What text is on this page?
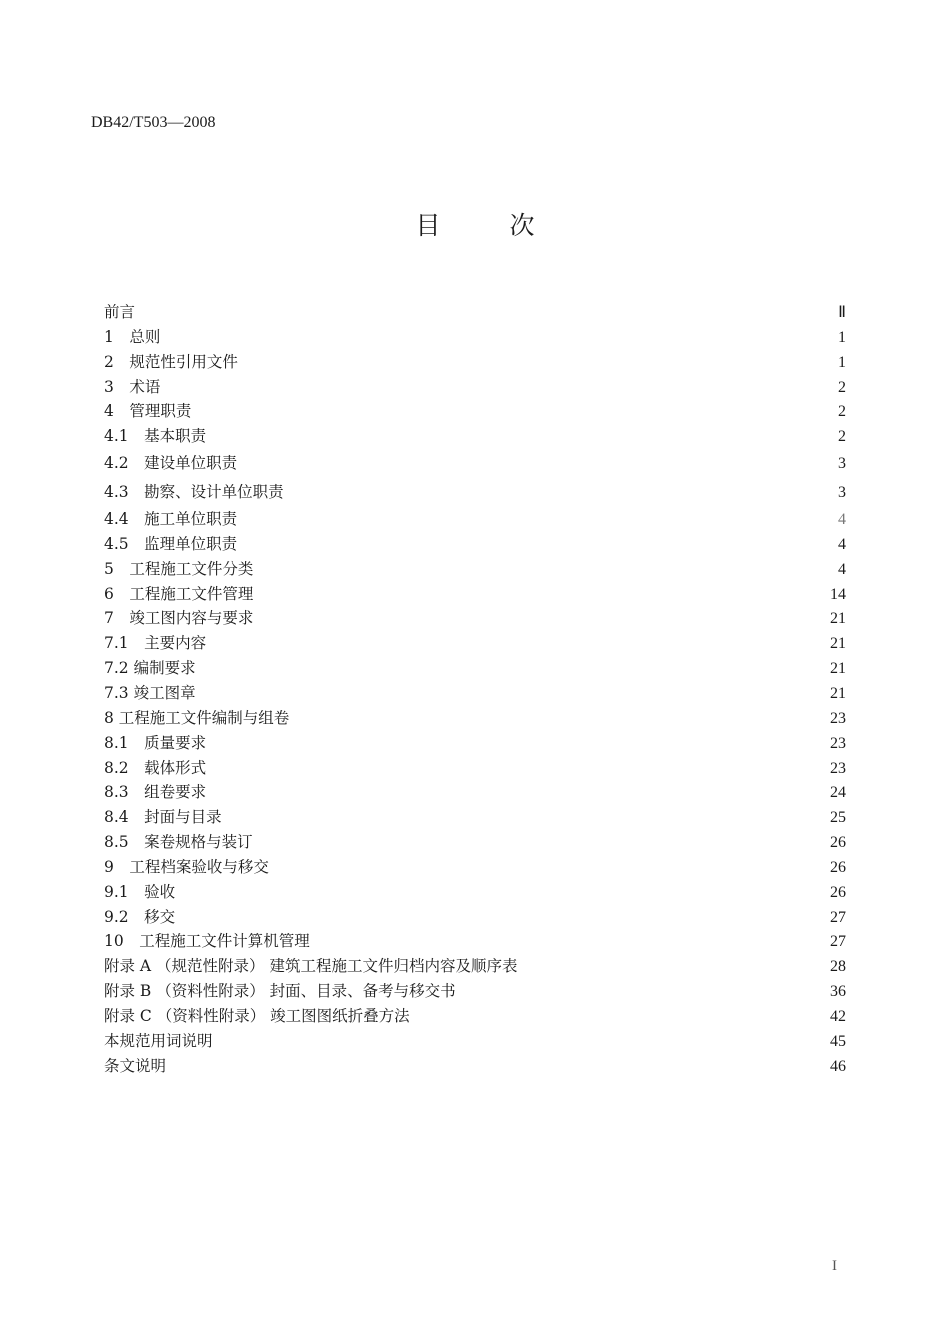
DB42/T503—2008
目　次
前言	Ⅱ
1　总则	1
2　规范性引用文件	1
3　术语	2
4　管理职责	2
4.1　基本职责	2
4.2　建设单位职责	3
4.3　勘察、设计单位职责	3
4.4　施工单位职责	4
4.5　监理单位职责	4
5　工程施工文件分类	4
6　工程施工文件管理	14
7　竣工图内容与要求	21
7.1　主要内容	21
7.2 编制要求	21
7.3 竣工图章	21
8 工程施工文件编制与组卷	23
8.1　质量要求	23
8.2　载体形式	23
8.3　组卷要求	24
8.4　封面与目录	25
8.5　案卷规格与装订	26
9　工程档案验收与移交	26
9.1　验收	26
9.2　移交	27
10　工程施工文件计算机管理	27
附录 A （规范性附录） 建筑工程施工文件归档内容及顺序表	28
附录 B （资料性附录） 封面、目录、备考与移交书	36
附录 C （资料性附录） 竣工图图纸折叠方法	42
本规范用词说明	45
条文说明	46
I
